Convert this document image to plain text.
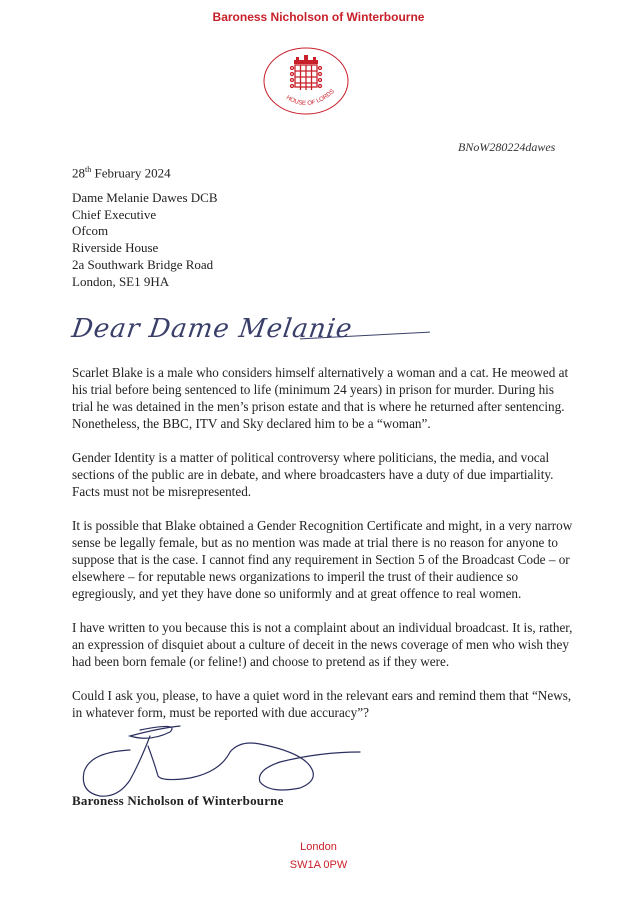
Baroness Nicholson of Winterbourne
HOUSE OF LORDS
BNoW280224dawes
28th February 2024
Dame Melanie Dawes DCB
Chief Executive
Ofcom
Riverside House
2a Southwark Bridge Road
London, SE1 9HA
Dear Dame Melanie
Scarlet Blake is a male who considers himself alternatively a woman and a cat. He meowed at
his trial before being sentenced to life (minimum 24 years) in prison for murder. During his
trial he was detained in the men’s prison estate and that is where he returned after sentencing.
Nonetheless, the BBC, ITV and Sky declared him to be a “woman”.
Gender Identity is a matter of political controversy where politicians, the media, and vocal
sections of the public are in debate, and where broadcasters have a duty of due impartiality.
Facts must not be misrepresented.
It is possible that Blake obtained a Gender Recognition Certificate and might, in a very narrow
sense be legally female, but as no mention was made at trial there is no reason for anyone to
suppose that is the case. I cannot find any requirement in Section 5 of the Broadcast Code – or
elsewhere – for reputable news organizations to imperil the trust of their audience so
egregiously, and yet they have done so uniformly and at great offence to real women.
I have written to you because this is not a complaint about an individual broadcast. It is, rather,
an expression of disquiet about a culture of deceit in the news coverage of men who wish they
had been born female (or feline!) and choose to pretend as if they were.
Could I ask you, please, to have a quiet word in the relevant ears and remind them that “News,
in whatever form, must be reported with due accuracy”?
Baroness Nicholson of Winterbourne
London
SW1A 0PW
